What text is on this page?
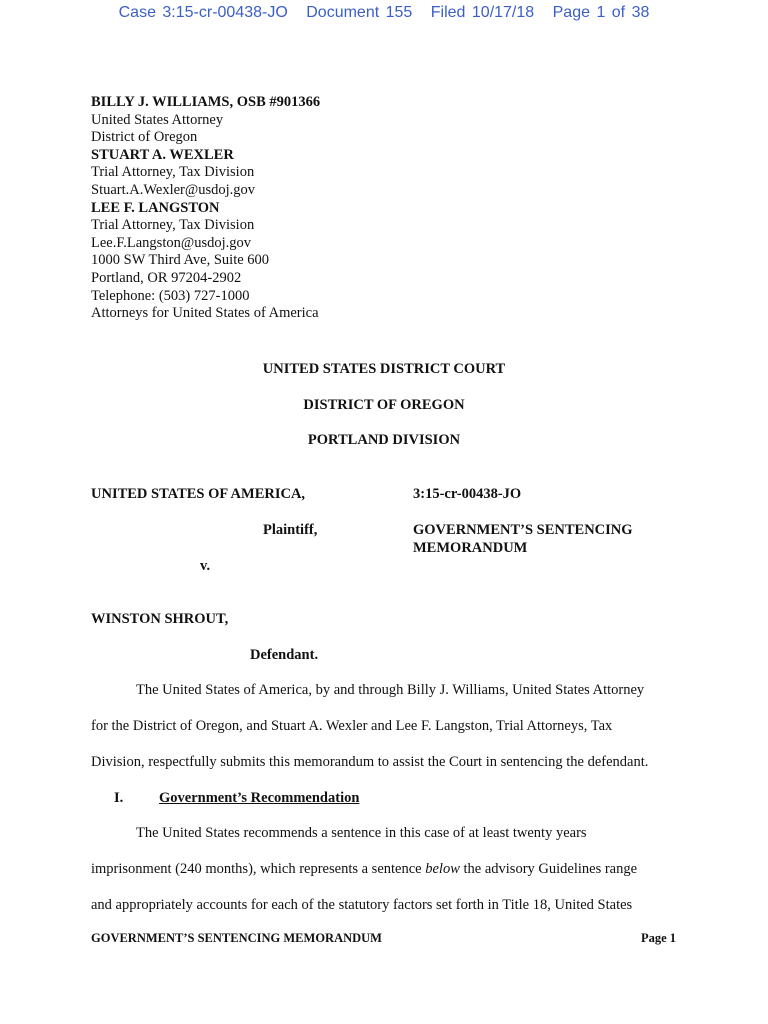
Case 3:15-cr-00438-JO Document 155 Filed 10/17/18 Page 1 of 38
BILLY J. WILLIAMS, OSB #901366
United States Attorney
District of Oregon
STUART A. WEXLER
Trial Attorney, Tax Division
Stuart.A.Wexler@usdoj.gov
LEE F. LANGSTON
Trial Attorney, Tax Division
Lee.F.Langston@usdoj.gov
1000 SW Third Ave, Suite 600
Portland, OR 97204-2902
Telephone: (503) 727-1000
Attorneys for United States of America
UNITED STATES DISTRICT COURT
DISTRICT OF OREGON
PORTLAND DIVISION
UNITED STATES OF AMERICA,	3:15-cr-00438-JO
Plaintiff,	GOVERNMENT’S SENTENCING
MEMORANDUM
v.
WINSTON SHROUT,
Defendant.
The United States of America, by and through Billy J. Williams, United States Attorney
for the District of Oregon, and Stuart A. Wexler and Lee F. Langston, Trial Attorneys, Tax
Division, respectfully submits this memorandum to assist the Court in sentencing the defendant.
I. Government’s Recommendation
The United States recommends a sentence in this case of at least twenty years
imprisonment (240 months), which represents a sentence below the advisory Guidelines range
and appropriately accounts for each of the statutory factors set forth in Title 18, United States
GOVERNMENT’S SENTENCING MEMORANDUM	Page 1
